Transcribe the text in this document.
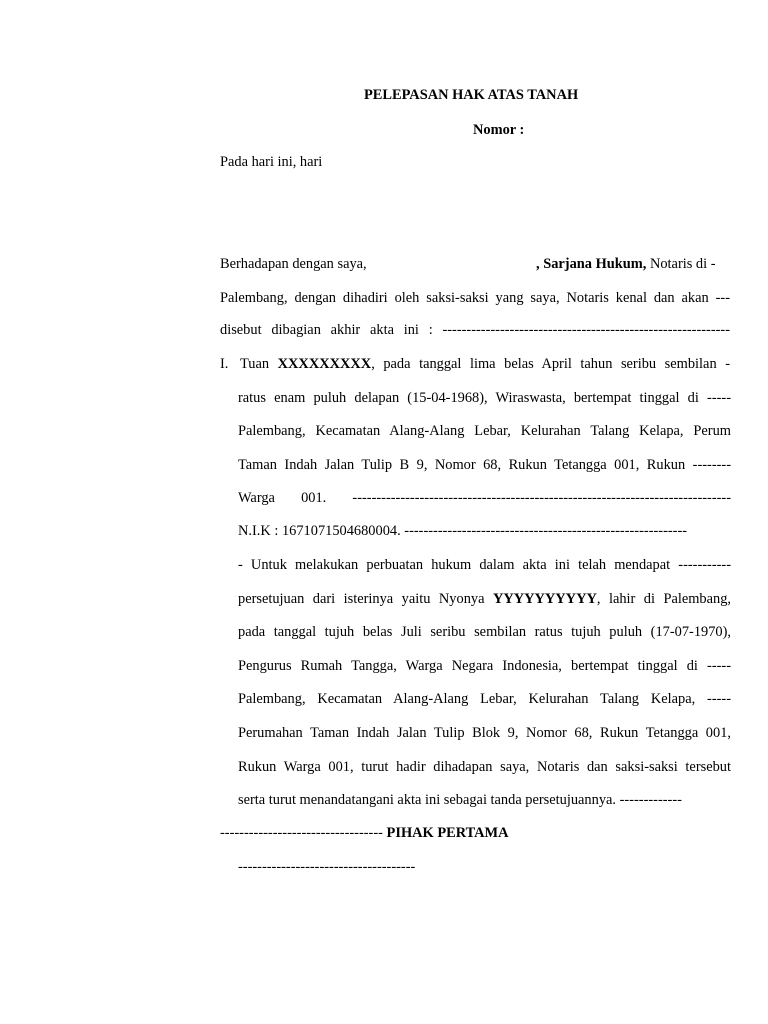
PELEPASAN HAK ATAS TANAH
Nomor :
Pada hari ini, hari
Berhadapan dengan saya,	, Sarjana Hukum, Notaris di -
Palembang, dengan dihadiri oleh saksi-saksi yang saya, Notaris kenal dan akan ---
disebut dibagian akhir akta ini : ------------------------------------------------------------
I. Tuan XXXXXXXXX, pada tanggal lima belas April tahun seribu sembilan -
ratus enam puluh delapan (15-04-1968), Wiraswasta, bertempat tinggal di -----
Palembang, Kecamatan Alang-Alang Lebar, Kelurahan Talang Kelapa, Perum
Taman Indah Jalan Tulip B 9, Nomor 68, Rukun Tetangga 001, Rukun --------
Warga 001. -------------------------------------------------------------------------------
N.I.K : 1671071504680004. -----------------------------------------------------------
- Untuk melakukan perbuatan hukum dalam akta ini telah mendapat -----------
persetujuan dari isterinya yaitu Nyonya YYYYYYYYYY, lahir di Palembang,
pada tanggal tujuh belas Juli seribu sembilan ratus tujuh puluh (17-07-1970),
Pengurus Rumah Tangga, Warga Negara Indonesia, bertempat tinggal di -----
Palembang, Kecamatan Alang-Alang Lebar, Kelurahan Talang Kelapa, -----
Perumahan Taman Indah Jalan Tulip Blok 9, Nomor 68, Rukun Tetangga 001,
Rukun Warga 001, turut hadir dihadapan saya, Notaris dan saksi-saksi tersebut
serta turut menandatangani akta ini sebagai tanda persetujuannya. -------------
---------------------------------- PIHAK PERTAMA
-------------------------------------
